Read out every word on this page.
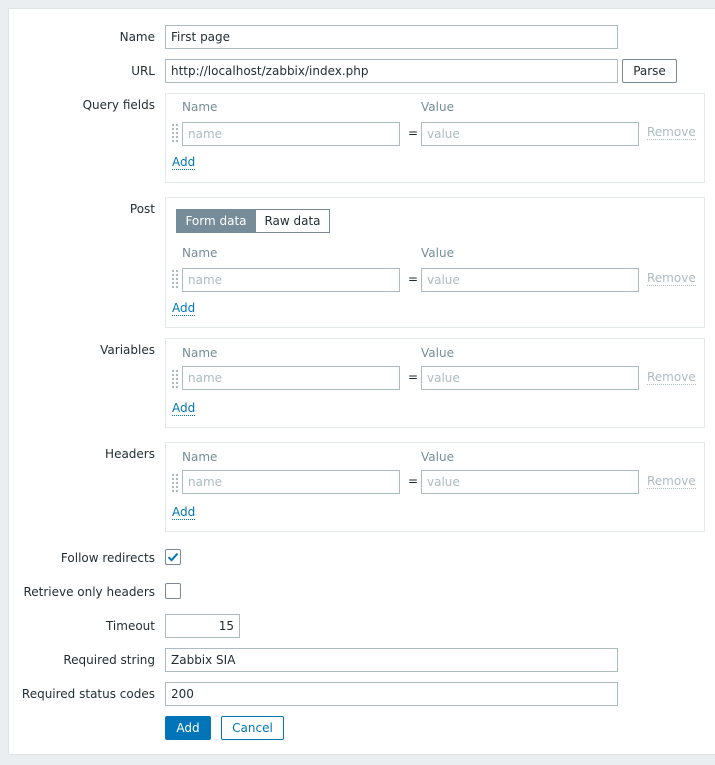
Name	First page
URL	http://localhost/zabbix/index.php	Parse
Query fields Name	Value
name	= value	Remove
Add
Post
Form data	Raw data
Name	Value
name	= value	Remove
Add
Variables Name	Value
name	= value	Remove
Add
Headers Name	Value
name	= value	Remove
Add
Follow redirects
Retrieve only headers
Timeout	15
Required string	Zabbix SIA
Required status codes	200
Add	Cancel
